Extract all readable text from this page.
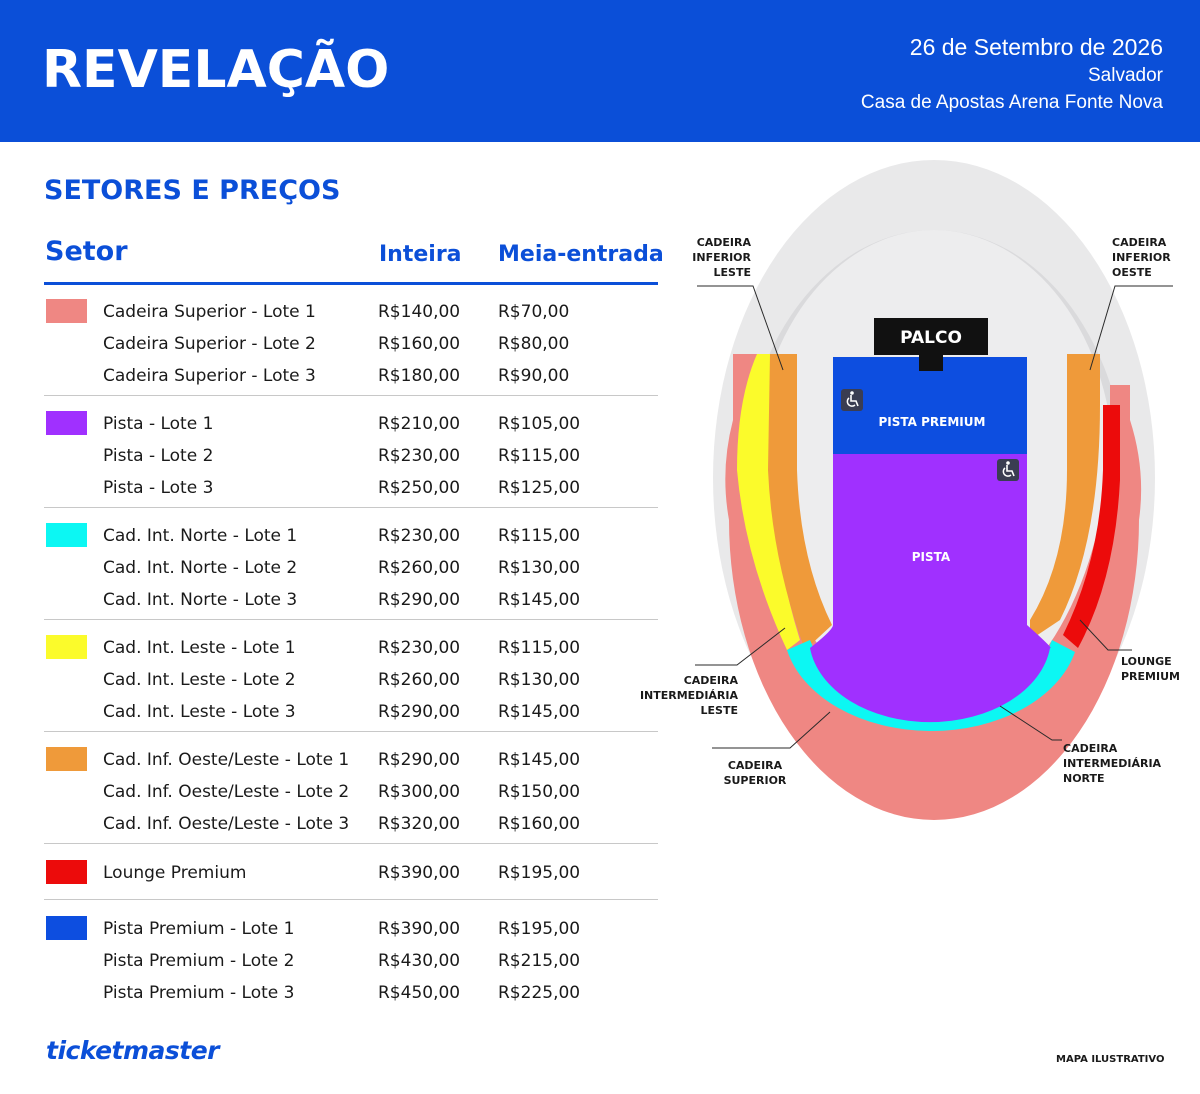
REVELAÇÃO	26 de Setembro de 2026
Salvador
Casa de Apostas Arena Fonte Nova
SETORES E PREÇOS
Setor	Inteira Meia-entrada
Cadeira Superior - Lote 1	R$140,00 R$70,00
Cadeira Superior - Lote 2	R$160,00 R$80,00
Cadeira Superior - Lote 3	R$180,00 R$90,00
Pista - Lote 1	R$210,00 R$105,00
Pista - Lote 2	R$230,00 R$115,00
Pista - Lote 3	R$250,00 R$125,00
Cad. Int. Norte - Lote 1	R$230,00 R$115,00
Cad. Int. Norte - Lote 2	R$260,00 R$130,00
Cad. Int. Norte - Lote 3	R$290,00 R$145,00
Cad. Int. Leste - Lote 1	R$230,00 R$115,00
Cad. Int. Leste - Lote 2	R$260,00 R$130,00
Cad. Int. Leste - Lote 3	R$290,00 R$145,00
Cad. Inf. Oeste/Leste - Lote 1 R$290,00 R$145,00
Cad. Inf. Oeste/Leste - Lote 2 R$300,00 R$150,00
Cad. Inf. Oeste/Leste - Lote 3 R$320,00 R$160,00
Lounge Premium	R$390,00 R$195,00
Pista Premium - Lote 1	R$390,00 R$195,00
Pista Premium - Lote 2	R$430,00 R$215,00
Pista Premium - Lote 3	R$450,00 R$225,00
PALCO
PISTA PREMIUM
PISTA
CADEIRA
INFERIOR
LESTE
CADEIRA
INFERIOR
OESTE
LOUNGE
PREMIUM
CADEIRA
INTERMEDIÁRIA
LESTE
CADEIRA
SUPERIOR
CADEIRA
INTERMEDIÁRIA
NORTE
ticketmaster	MAPA ILUSTRATIVO
